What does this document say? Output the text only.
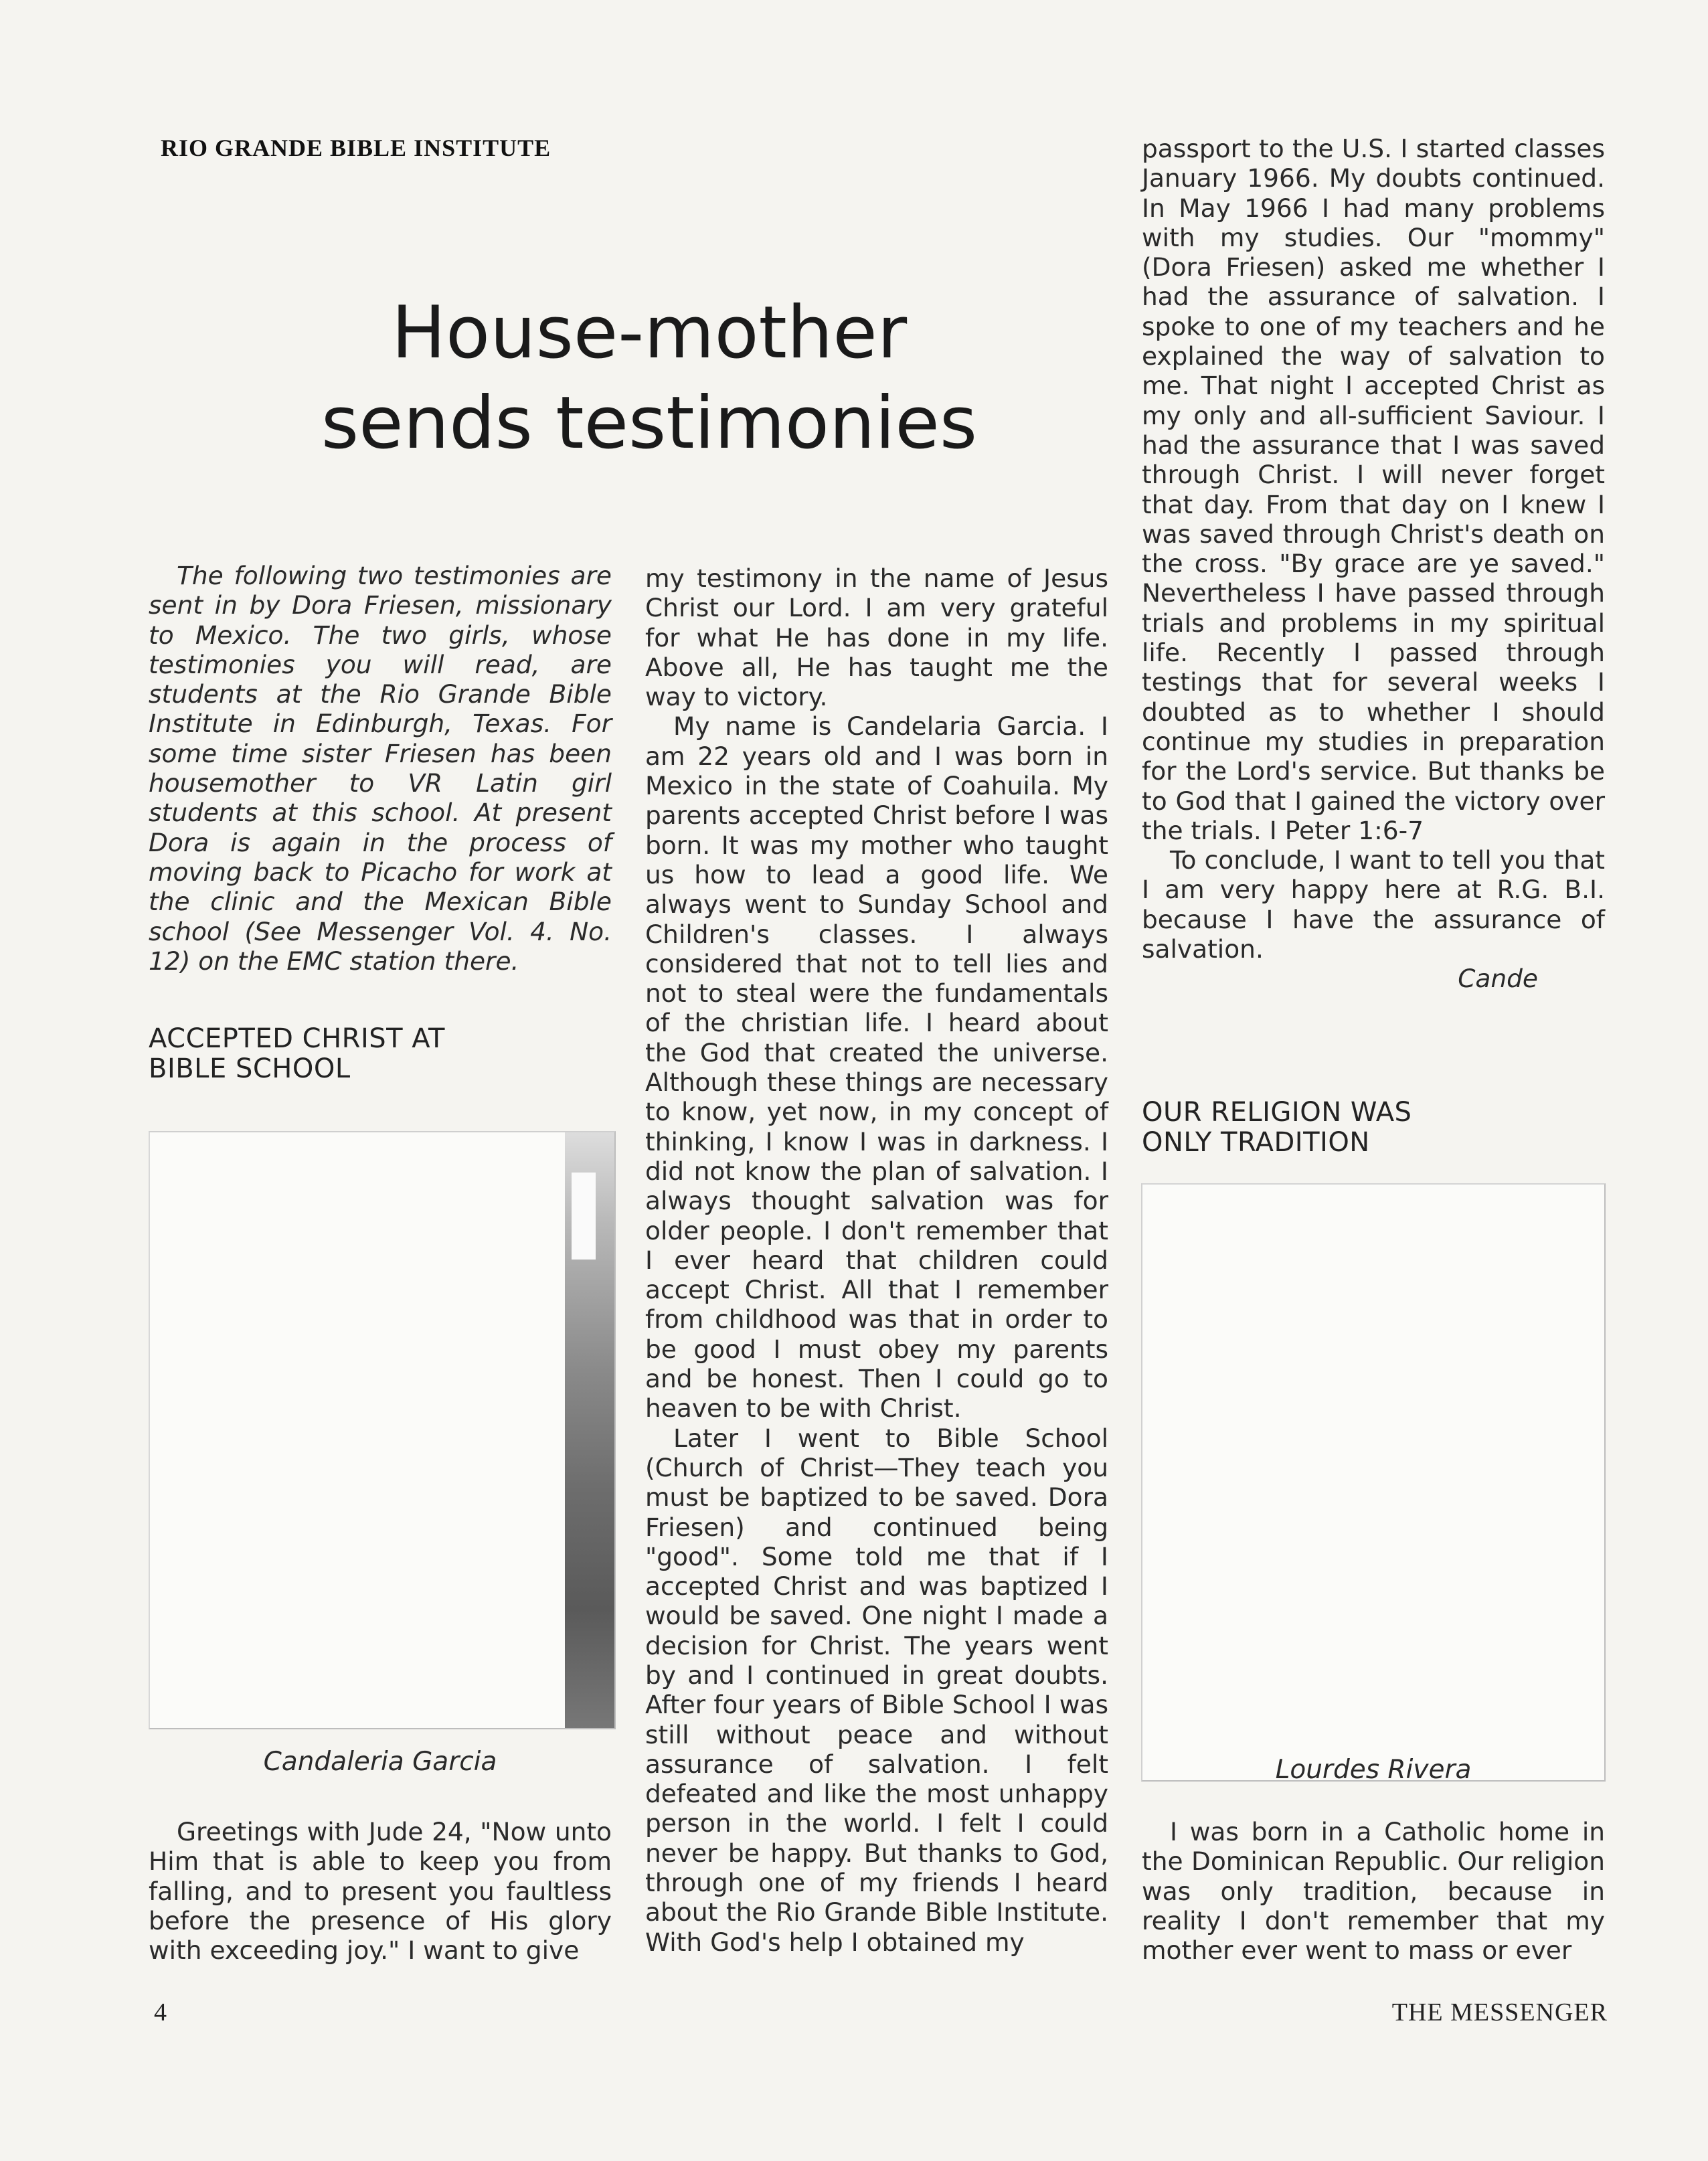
RIO GRANDE BIBLE INSTITUTE
House-mother
sends testimonies
The following two testimonies are sent in by Dora Friesen, missionary to Mexico. The two girls, whose testimonies you will read, are students at the Rio Grande Bible Institute in Edinburgh, Texas. For some time sister Friesen has been housemother to VR Latin girl students at this school. At present Dora is again in the process of moving back to Picacho for work at the clinic and the Mexican Bible school (See Messenger Vol. 4. No. 12) on the EMC station there.
ACCEPTED CHRIST AT
BIBLE SCHOOL
Candaleria Garcia

Greetings with Jude 24, "Now unto Him that is able to keep you from falling, and to present you faultless before the presence of His glory with exceeding joy." I want to give

my testimony in the name of Jesus Christ our Lord. I am very grateful for what He has done in my life. Above all, He has taught me the way to victory.

My name is Candelaria Garcia. I am 22 years old and I was born in Mexico in the state of Coahuila. My parents accepted Christ before I was born. It was my mother who taught us how to lead a good life. We always went to Sunday School and Children's classes. I always considered that not to tell lies and not to steal were the fundamentals of the christian life. I heard about the God that created the universe. Although these things are necessary to know, yet now, in my concept of thinking, I know I was in darkness. I did not know the plan of salvation. I always thought salvation was for older people. I don't remember that I ever heard that children could accept Christ. All that I remember from childhood was that in order to be good I must obey my parents and be honest. Then I could go to heaven to be with Christ.

Later I went to Bible School (Church of Christ—They teach you must be baptized to be saved. Dora Friesen) and continued being "good". Some told me that if I accepted Christ and was baptized I would be saved. One night I made a decision for Christ. The years went by and I continued in great doubts. After four years of Bible School I was still without peace and without assurance of salvation. I felt defeated and like the most unhappy person in the world. I felt I could never be happy. But thanks to God, through one of my friends I heard about the Rio Grande Bible Institute. With God's help I obtained my

passport to the U.S. I started classes January 1966. My doubts continued. In May 1966 I had many problems with my studies. Our "mommy" (Dora Friesen) asked me whether I had the assurance of salvation. I spoke to one of my teachers and he explained the way of salvation to me. That night I accepted Christ as my only and all-sufficient Saviour. I had the assurance that I was saved through Christ. I will never forget that day. From that day on I knew I was saved through Christ's death on the cross. "By grace are ye saved." Nevertheless I have passed through trials and problems in my spiritual life. Recently I passed through testings that for several weeks I doubted as to whether I should continue my studies in preparation for the Lord's service. But thanks be to God that I gained the victory over the trials. I Peter 1:6-7

To conclude, I want to tell you that I am very happy here at R.G. B.I. because I have the assurance of salvation.

Cande

OUR RELIGION WAS
ONLY TRADITION
Lourdes Rivera

I was born in a Catholic home in the Dominican Republic. Our religion was only tradition, because in reality I don't remember that my mother ever went to mass or ever

4	THE MESSENGER
